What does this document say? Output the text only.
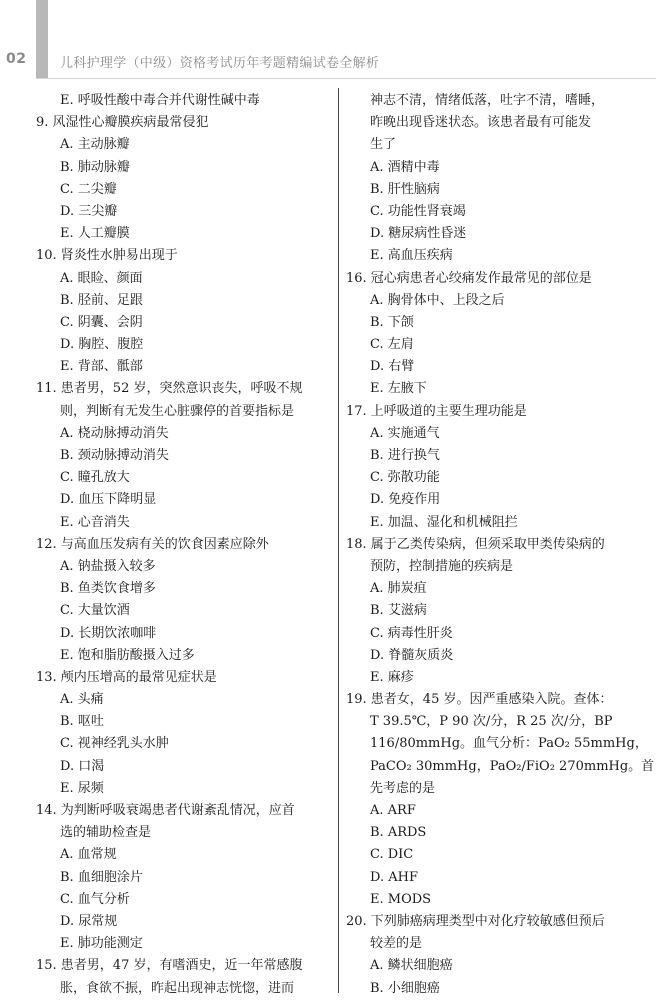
02	儿科护理学（中级）资格考试历年考题精编试卷全解析
E. 呼吸性酸中毒合并代谢性碱中毒
9. 风湿性心瓣膜疾病最常侵犯
A. 主动脉瓣
B. 肺动脉瓣
C. 二尖瓣
D. 三尖瓣
E. 人工瓣膜
10. 肾炎性水肿易出现于
A. 眼睑、颜面
B. 胫前、足跟
C. 阴囊、会阴
D. 胸腔、腹腔
E. 背部、骶部
11. 患者男，52 岁，突然意识丧失，呼吸不规
则，判断有无发生心脏骤停的首要指标是
A. 桡动脉搏动消失
B. 颈动脉搏动消失
C. 瞳孔放大
D. 血压下降明显
E. 心音消失
12. 与高血压发病有关的饮食因素应除外
A. 钠盐摄入较多
B. 鱼类饮食增多
C. 大量饮酒
D. 长期饮浓咖啡
E. 饱和脂肪酸摄入过多
13. 颅内压增高的最常见症状是
A. 头痛
B. 呕吐
C. 视神经乳头水肿
D. 口渴
E. 尿频
14. 为判断呼吸衰竭患者代谢紊乱情况，应首
选的辅助检查是
A. 血常规
B. 血细胞涂片
C. 血气分析
D. 尿常规
E. 肺功能测定
15. 患者男，47 岁，有嗜酒史，近一年常感腹
胀，食欲不振，昨起出现神志恍惚，进而
神志不清，情绪低落，吐字不清，嗜睡，
昨晚出现昏迷状态。该患者最有可能发
生了
A. 酒精中毒
B. 肝性脑病
C. 功能性肾衰竭
D. 糖尿病性昏迷
E. 高血压疾病
16. 冠心病患者心绞痛发作最常见的部位是
A. 胸骨体中、上段之后
B. 下颌
C. 左肩
D. 右臂
E. 左腋下
17. 上呼吸道的主要生理功能是
A. 实施通气
B. 进行换气
C. 弥散功能
D. 免疫作用
E. 加温、湿化和机械阻拦
18. 属于乙类传染病，但须采取甲类传染病的
预防，控制措施的疾病是
A. 肺炭疽
B. 艾滋病
C. 病毒性肝炎
D. 脊髓灰质炎
E. 麻疹
19. 患者女，45 岁。因严重感染入院。查体：
T 39.5℃，P 90 次/分，R 25 次/分，BP
116/80mmHg。血气分析：PaO₂ 55mmHg，
PaCO₂ 30mmHg，PaO₂/FiO₂ 270mmHg。首
先考虑的是
A. ARF
B. ARDS
C. DIC
D. AHF
E. MODS
20. 下列肺癌病理类型中对化疗较敏感但预后
较差的是
A. 鳞状细胞癌
B. 小细胞癌
